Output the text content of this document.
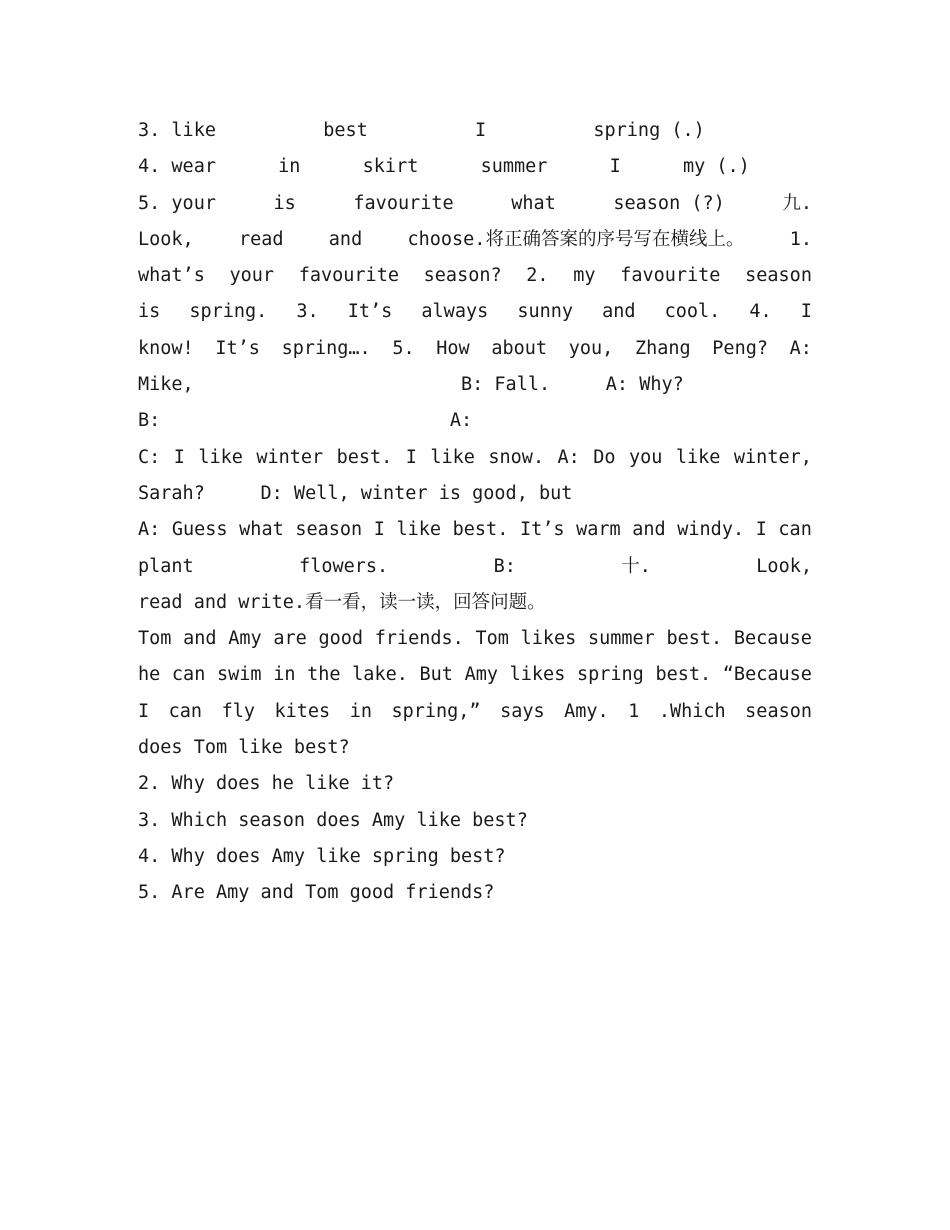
3. like	best	I	spring (.)
4. wear	in	skirt	summer	I	my (.)
5. your	is	favourite	what	season (?)	九.
Look, read and choose.将正确答案的序号写在横线上。 1.
what’s your favourite season? 2. my favourite season
is spring. 3. It’s always sunny and cool. 4. I
know! It’s spring…. 5. How about you, Zhang Peng? A:
Mike,                        B: Fall.     A: Why?
B:                          A:
C: I like winter best. I like snow. A: Do you like winter,
Sarah?     D: Well, winter is good, but
A: Guess what season I like best. It’s warm and windy. I can
plant	flowers.	B:	十.	Look,
read and write.看一看，读一读，回答问题。
Tom and Amy are good friends. Tom likes summer best. Because
he can swim in the lake. But Amy likes spring best. “Because
I can fly kites in spring,” says Amy. 1 .Which season
does Tom like best?
2. Why does he like it?
3. Which season does Amy like best?
4. Why does Amy like spring best?
5. Are Amy and Tom good friends?
